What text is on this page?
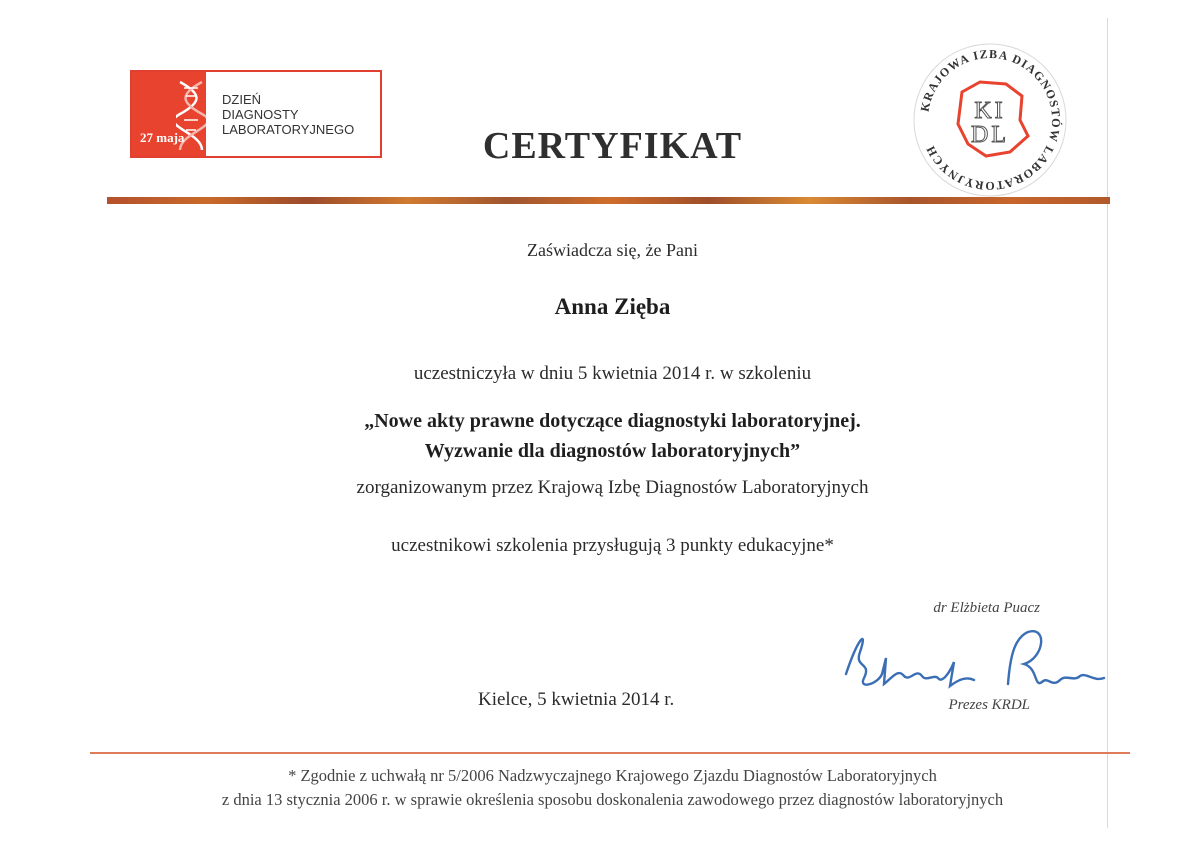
27 maja
DZIEŃ
DIAGNOSTY
LABORATORYJNEGO	CERTYFIKAT
KRAJOWA IZBA DIAGNOSTÓW LABORATORYJNYCH
KI
DL
Zaświadcza się, że Pani
Anna Zięba
uczestniczyła w dniu 5 kwietnia 2014 r. w szkoleniu
„Nowe akty prawne dotyczące diagnostyki laboratoryjnej.
Wyzwanie dla diagnostów laboratoryjnych”
zorganizowanym przez Krajową Izbę Diagnostów Laboratoryjnych
uczestnikowi szkolenia przysługują 3 punkty edukacyjne*
dr Elżbieta Puacz
Prezes KRDL
Kielce, 5 kwietnia 2014 r.
* Zgodnie z uchwałą nr 5/2006 Nadzwyczajnego Krajowego Zjazdu Diagnostów Laboratoryjnych
z dnia 13 stycznia 2006 r. w sprawie określenia sposobu doskonalenia zawodowego przez diagnostów laboratoryjnych
